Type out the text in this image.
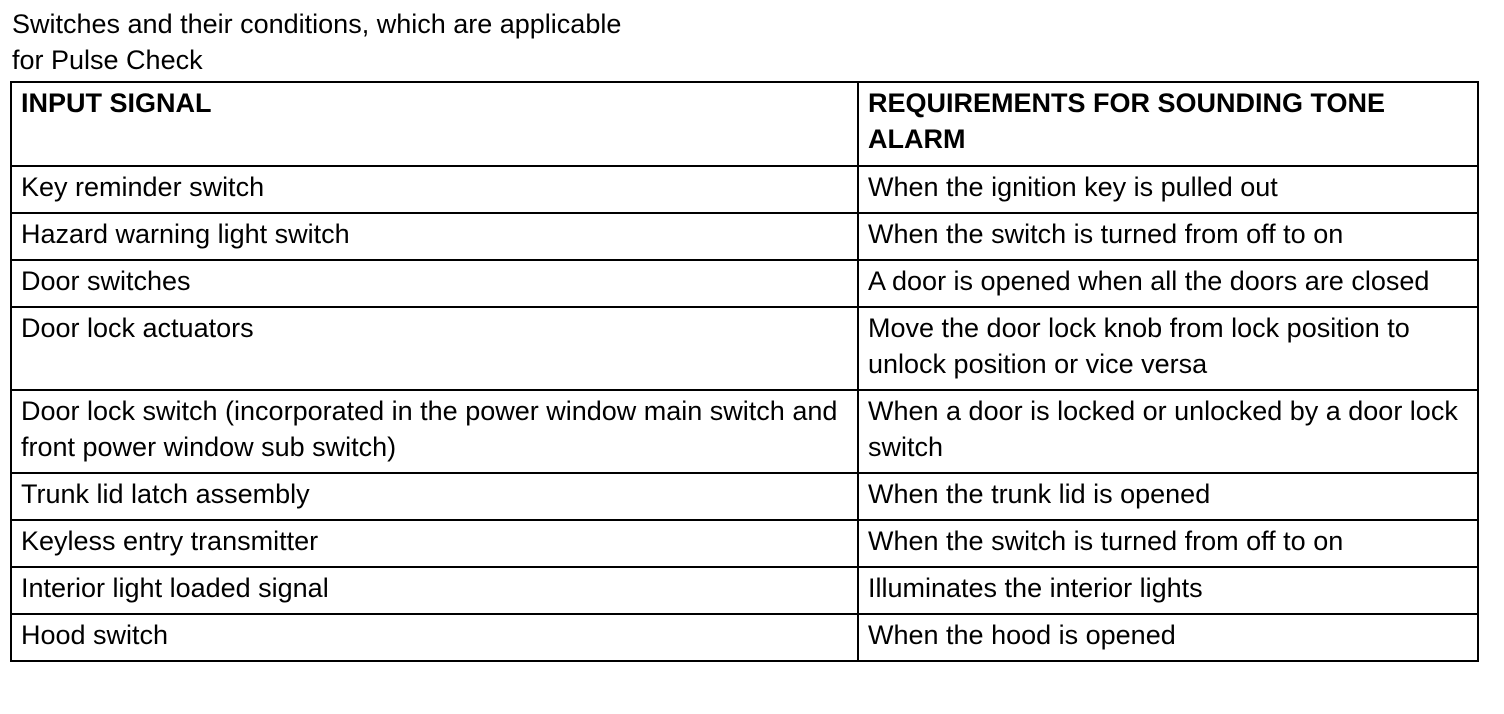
Switches and their conditions, which are applicable
for Pulse Check
INPUT SIGNAL	REQUIREMENTS FOR SOUNDING TONE ALARM
Key reminder switch	When the ignition key is pulled out
Hazard warning light switch	When the switch is turned from off to on
Door switches	A door is opened when all the doors are closed
Door lock actuators	Move the door lock knob from lock position to unlock position or vice versa
Door lock switch (incorporated in the power window main switch and front power window sub switch)	When a door is locked or unlocked by a door lock switch
Trunk lid latch assembly	When the trunk lid is opened
Keyless entry transmitter	When the switch is turned from off to on
Interior light loaded signal	Illuminates the interior lights
Hood switch	When the hood is opened
